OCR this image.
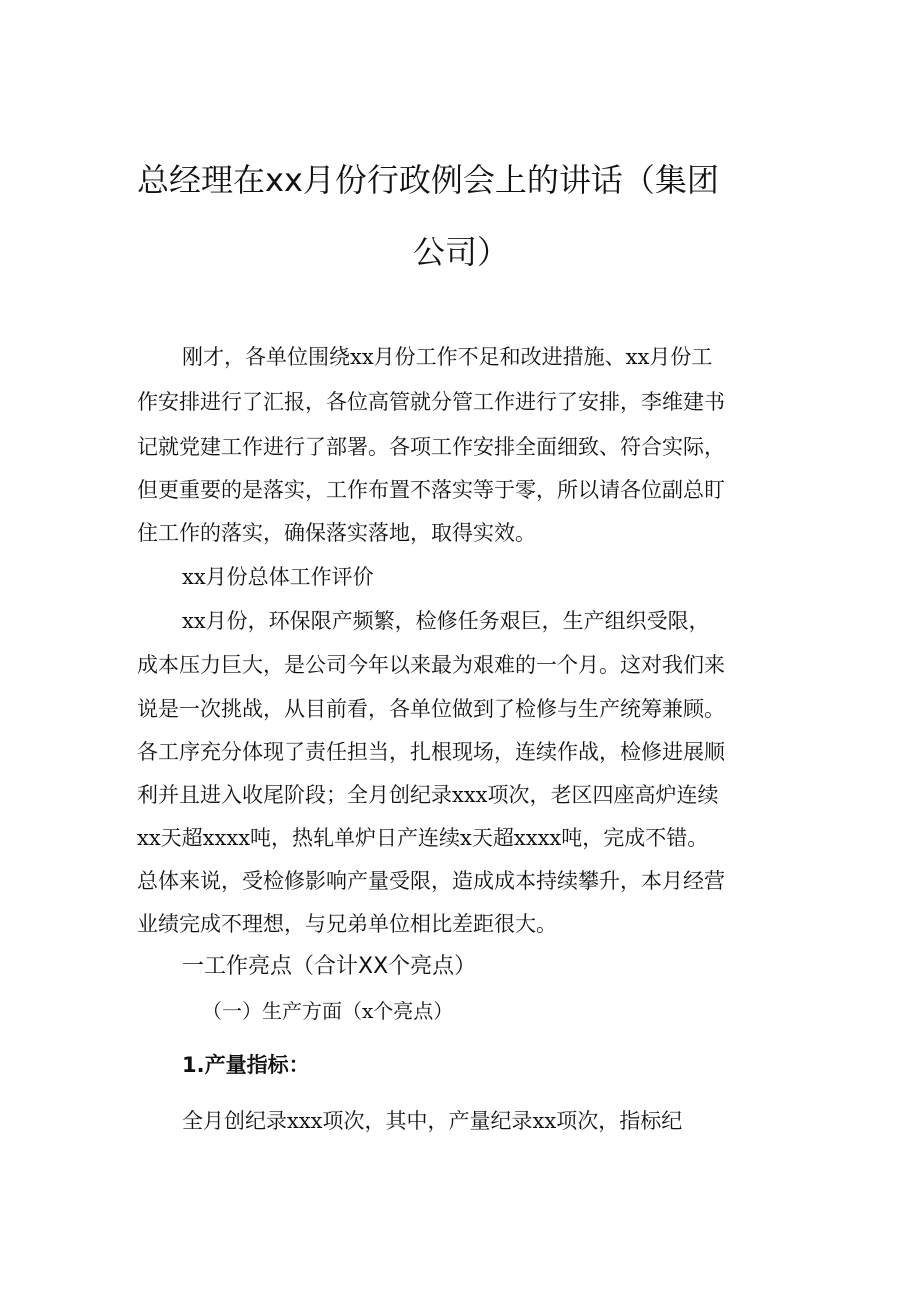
总经理在xx月份行政例会上的讲话（集团
公司）
刚才，各单位围绕xx月份工作不足和改进措施、xx月份工
作安排进行了汇报，各位高管就分管工作进行了安排，李维建书
记就党建工作进行了部署。各项工作安排全面细致、符合实际，
但更重要的是落实，工作布置不落实等于零，所以请各位副总盯
住工作的落实，确保落实落地，取得实效。
xx月份总体工作评价
xx月份，环保限产频繁，检修任务艰巨，生产组织受限，
成本压力巨大，是公司今年以来最为艰难的一个月。这对我们来
说是一次挑战，从目前看，各单位做到了检修与生产统筹兼顾。
各工序充分体现了责任担当，扎根现场，连续作战，检修进展顺
利并且进入收尾阶段；全月创纪录xxx项次，老区四座高炉连续
xx天超xxxx吨，热轧单炉日产连续x天超xxxx吨，完成不错。
总体来说，受检修影响产量受限，造成成本持续攀升，本月经营
业绩完成不理想，与兄弟单位相比差距很大。
一工作亮点（合计XX个亮点）
（一）生产方面（x个亮点）
1.产量指标：
全月创纪录xxx项次，其中，产量纪录xx项次，指标纪
